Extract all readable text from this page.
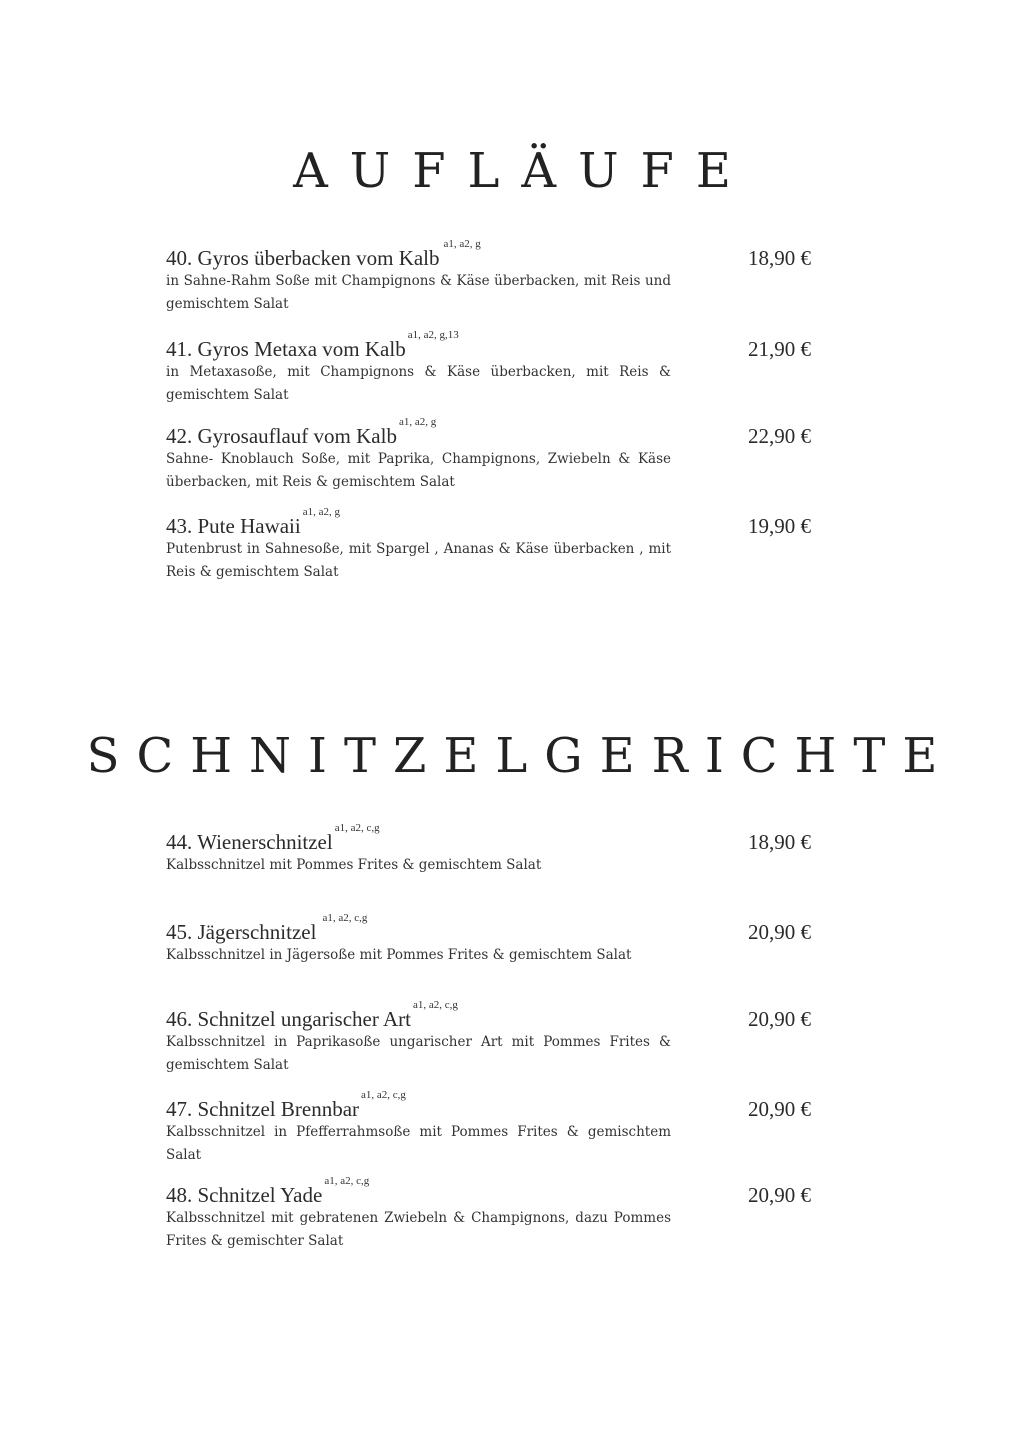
AUFLÄUFE
40. Gyros überbacken vom Kalb
a1, a2, g
18,90 €
in Sahne-Rahm Soße mit Champignons & Käse überbacken, mit Reis und gemischtem Salat
41. Gyros Metaxa vom Kalb
a1, a2, g,13
21,90 €
in Metaxasoße, mit Champignons & Käse überbacken, mit Reis & gemischtem Salat
42. Gyrosauflauf vom Kalb
a1, a2, g
22,90 €
Sahne- Knoblauch Soße, mit Paprika, Champignons, Zwiebeln & Käse überbacken, mit Reis & gemischtem Salat
43. Pute Hawaii
a1, a2, g
19,90 €
Putenbrust in Sahnesoße, mit Spargel , Ananas & Käse überbacken , mit Reis & gemischtem Salat
SCHNITZELGERICHTE
44. Wienerschnitzel
a1, a2, c,g
18,90 €
Kalbsschnitzel mit Pommes Frites & gemischtem Salat
45. Jägerschnitzel
a1, a2, c,g
20,90 €
Kalbsschnitzel in Jägersoße mit Pommes Frites & gemischtem Salat
46. Schnitzel ungarischer Art
a1, a2, c,g
20,90 €
Kalbsschnitzel in Paprikasoße ungarischer Art mit Pommes Frites & gemischtem Salat
47. Schnitzel Brennbar
a1, a2, c,g
20,90 €
Kalbsschnitzel in Pfefferrahmsoße mit Pommes Frites & gemischtem Salat
48. Schnitzel Yade
a1, a2, c,g
20,90 €
Kalbsschnitzel mit gebratenen Zwiebeln & Champignons, dazu Pommes Frites & gemischter Salat
